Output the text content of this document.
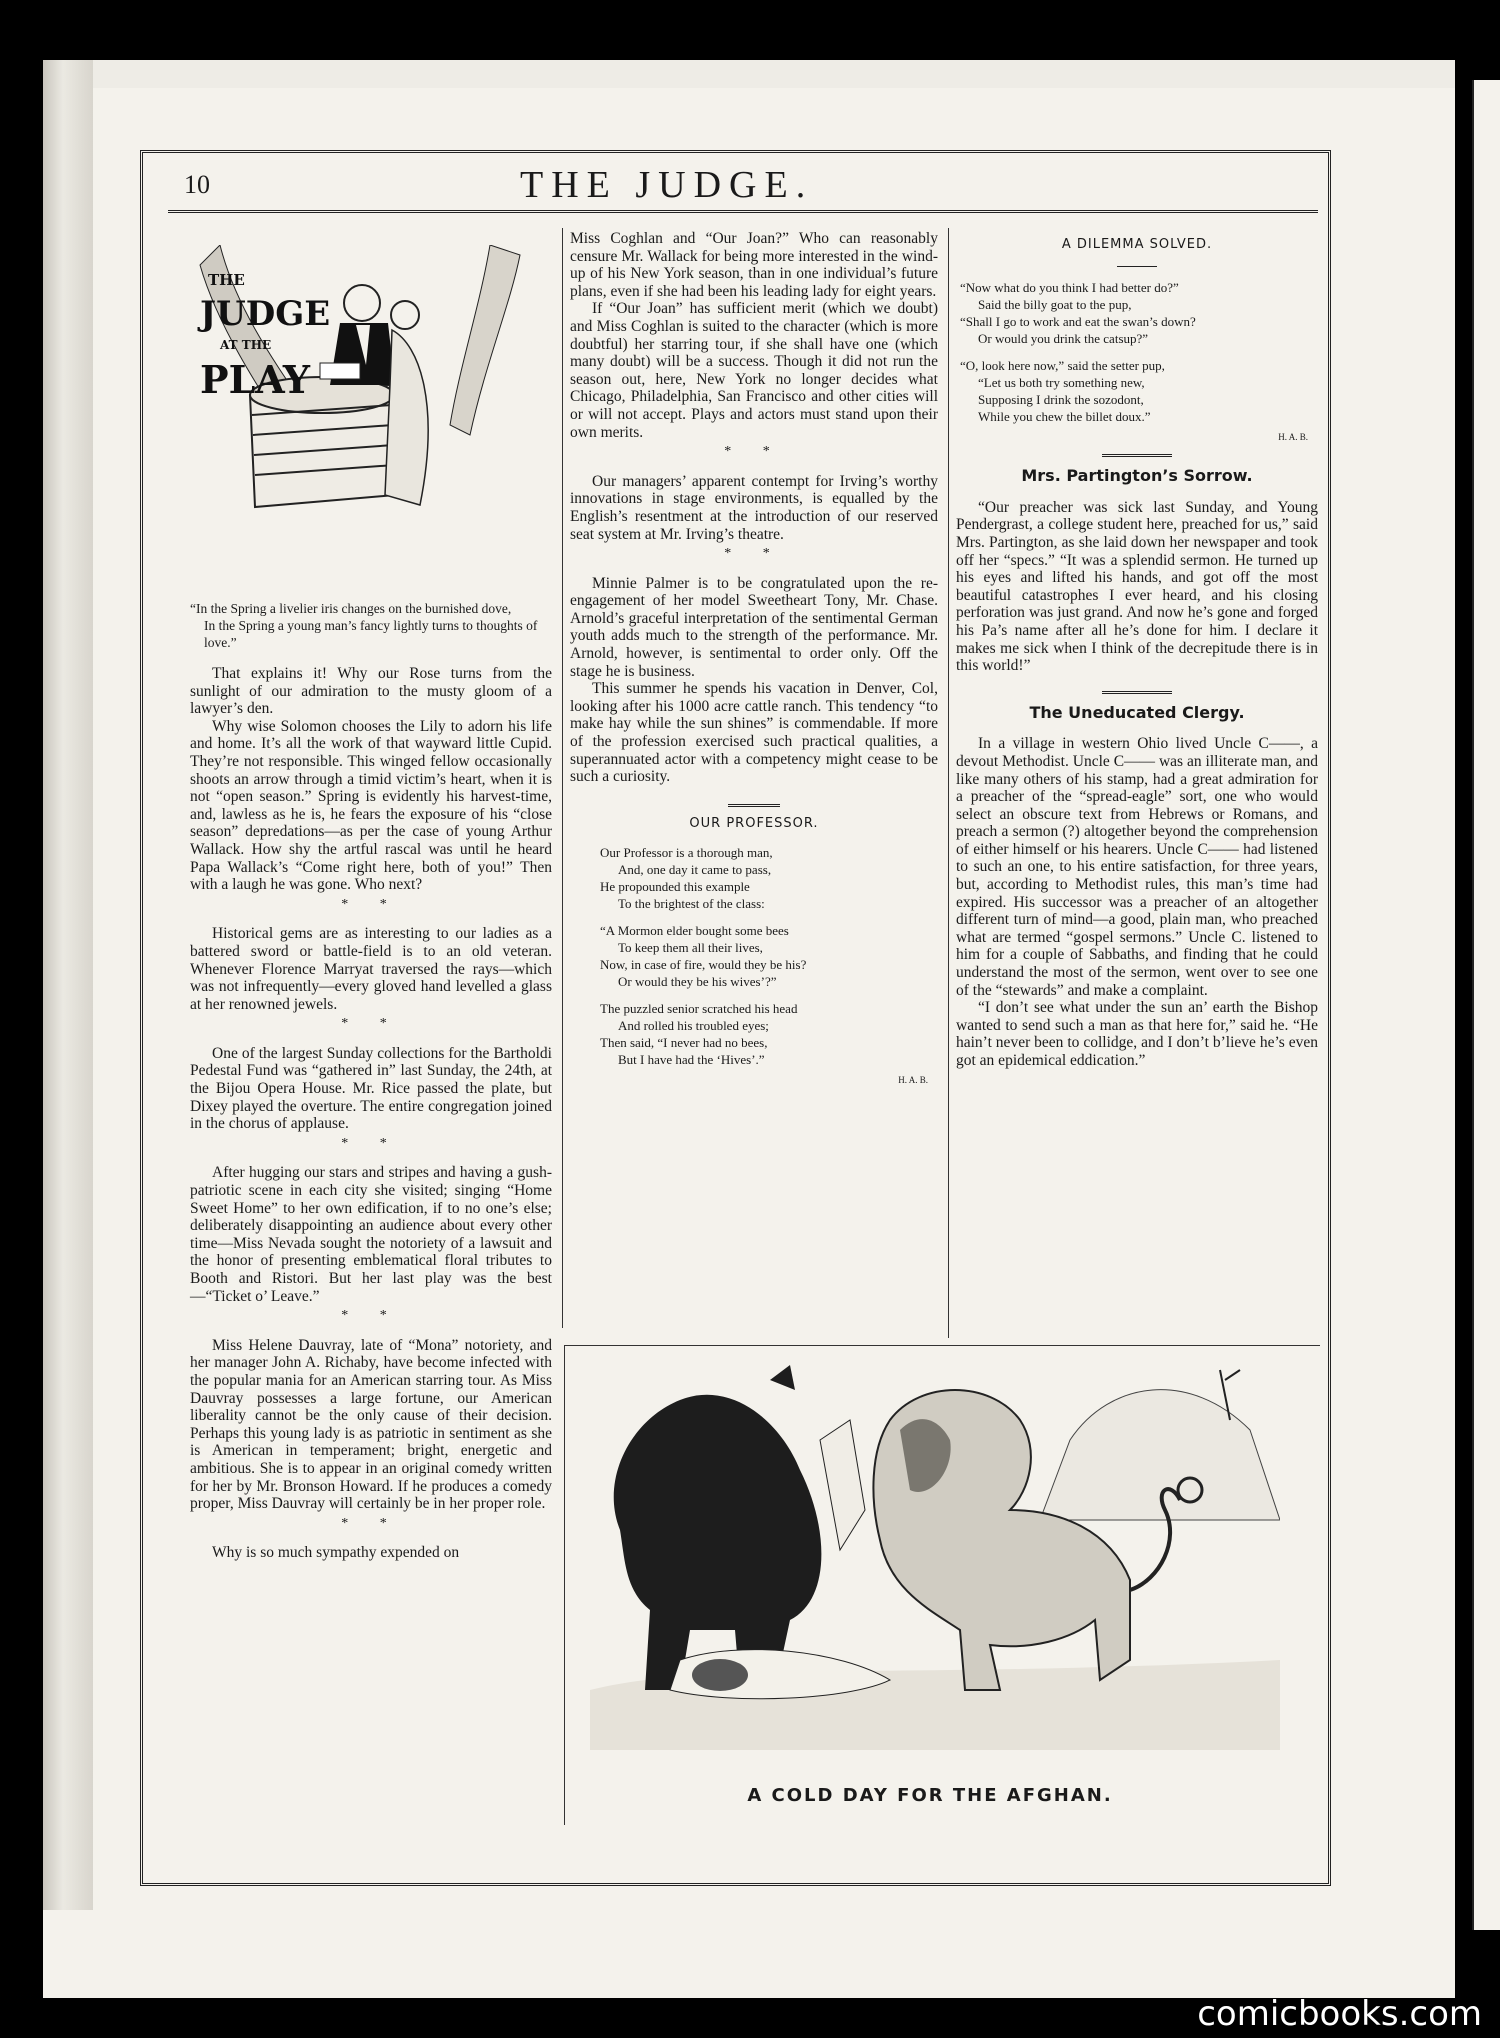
10	THE JUDGE.
THE
JUDGE
AT THE
PLAY
“In the Spring a livelier iris changes on the burnished dove,
In the Spring a young man’s fancy lightly turns to thoughts of love.”

That explains it! Why our Rose turns from the sunlight of our admiration to the musty gloom of a lawyer’s den.

Why wise Solomon chooses the Lily to adorn his life and home. It’s all the work of that wayward little Cupid. They’re not responsible. This winged fellow occasionally shoots an arrow through a timid victim’s heart, when it is not “open season.” Spring is evidently his harvest-time, and, lawless as he is, he fears the exposure of his “close season” depredations—as per the case of young Arthur Wallack. How shy the artful rascal was until he heard Papa Wallack’s “Come right here, both of you!” Then with a laugh he was gone. Who next?

* *

Historical gems are as interesting to our ladies as a battered sword or battle-field is to an old veteran. Whenever Florence Marryat traversed the rays—which was not infrequently—every gloved hand levelled a glass at her renowned jewels.

* *

One of the largest Sunday collections for the Bartholdi Pedestal Fund was “gathered in” last Sunday, the 24th, at the Bijou Opera House. Mr. Rice passed the plate, but Dixey played the overture. The entire congregation joined in the chorus of applause.

* *

After hugging our stars and stripes and having a gush-patriotic scene in each city she visited; singing “Home Sweet Home” to her own edification, if to no one’s else; deliberately disappointing an audience about every other time—Miss Nevada sought the notoriety of a lawsuit and the honor of presenting emblematical floral tributes to Booth and Ristori. But her last play was the best —“Ticket o’ Leave.”

* *

Miss Helene Dauvray, late of “Mona” notoriety, and her manager John A. Richaby, have become infected with the popular mania for an American starring tour. As Miss Dauvray possesses a large fortune, our American liberality cannot be the only cause of their decision. Perhaps this young lady is as patriotic in sentiment as she is American in temperament; bright, energetic and ambitious. She is to appear in an original comedy written for her by Mr. Bronson Howard. If he produces a comedy proper, Miss Dauvray will certainly be in her proper role.

* *

Why is so much sympathy expended on

Miss Coghlan and “Our Joan?” Who can reasonably censure Mr. Wallack for being more interested in the wind-up of his New York season, than in one individual’s future plans, even if she had been his leading lady for eight years.

If “Our Joan” has sufficient merit (which we doubt) and Miss Coghlan is suited to the character (which is more doubtful) her starring tour, if she shall have one (which many doubt) will be a success. Though it did not run the season out, here, New York no longer decides what Chicago, Philadelphia, San Francisco and other cities will or will not accept. Plays and actors must stand upon their own merits.

* *

Our managers’ apparent contempt for Irving’s worthy innovations in stage environments, is equalled by the English’s resentment at the introduction of our reserved seat system at Mr. Irving’s theatre.

* *

Minnie Palmer is to be congratulated upon the re-engagement of her model Sweetheart Tony, Mr. Chase. Arnold’s graceful interpretation of the sentimental German youth adds much to the strength of the performance. Mr. Arnold, however, is sentimental to order only. Off the stage he is business.

This summer he spends his vacation in Denver, Col, looking after his 1000 acre cattle ranch. This tendency “to make hay while the sun shines” is commendable. If more of the profession exercised such practical qualities, a superannuated actor with a competency might cease to be such a curiosity.

OUR PROFESSOR.
Our Professor is a thorough man,
And, one day it came to pass,
He propounded this example
To the brightest of the class:
“A Mormon elder bought some bees
To keep them all their lives,
Now, in case of fire, would they be his?
Or would they be his wives’?”
The puzzled senior scratched his head
And rolled his troubled eyes;
Then said, “I never had no bees,
But I have had the ‘Hives’.”
H. A. B.
A DILEMMA SOLVED.
“Now what do you think I had better do?”
Said the billy goat to the pup,
“Shall I go to work and eat the swan’s down?
Or would you drink the catsup?”
“O, look here now,” said the setter pup,
“Let us both try something new,
Supposing I drink the sozodont,
While you chew the billet doux.”
H. A. B.
Mrs. Partington’s Sorrow.

“Our preacher was sick last Sunday, and Young Pendergrast, a college student here, preached for us,” said Mrs. Partington, as she laid down her newspaper and took off her “specs.” “It was a splendid sermon. He turned up his eyes and lifted his hands, and got off the most beautiful catastrophes I ever heard, and his closing perforation was just grand. And now he’s gone and forged his Pa’s name after all he’s done for him. I declare it makes me sick when I think of the decrepitude there is in this world!”

The Uneducated Clergy.

In a village in western Ohio lived Uncle C——, a devout Methodist. Uncle C—— was an illiterate man, and like many others of his stamp, had a great admiration for a preacher of the “spread-eagle” sort, one who would select an obscure text from Hebrews or Romans, and preach a sermon (?) altogether beyond the comprehension of either himself or his hearers. Uncle C—— had listened to such an one, to his entire satisfaction, for three years, but, according to Methodist rules, this man’s time had expired. His successor was a preacher of an altogether different turn of mind—a good, plain man, who preached what are termed “gospel sermons.” Uncle C. listened to him for a couple of Sabbaths, and finding that he could understand the most of the sermon, went over to see one of the “stewards” and make a complaint.

“I don’t see what under the sun an’ earth the Bishop wanted to send such a man as that here for,” said he. “He hain’t never been to collidge, and I don’t b’lieve he’s even got an epidemical eddication.”

A COLD DAY FOR THE AFGHAN.
comicbooks.com
